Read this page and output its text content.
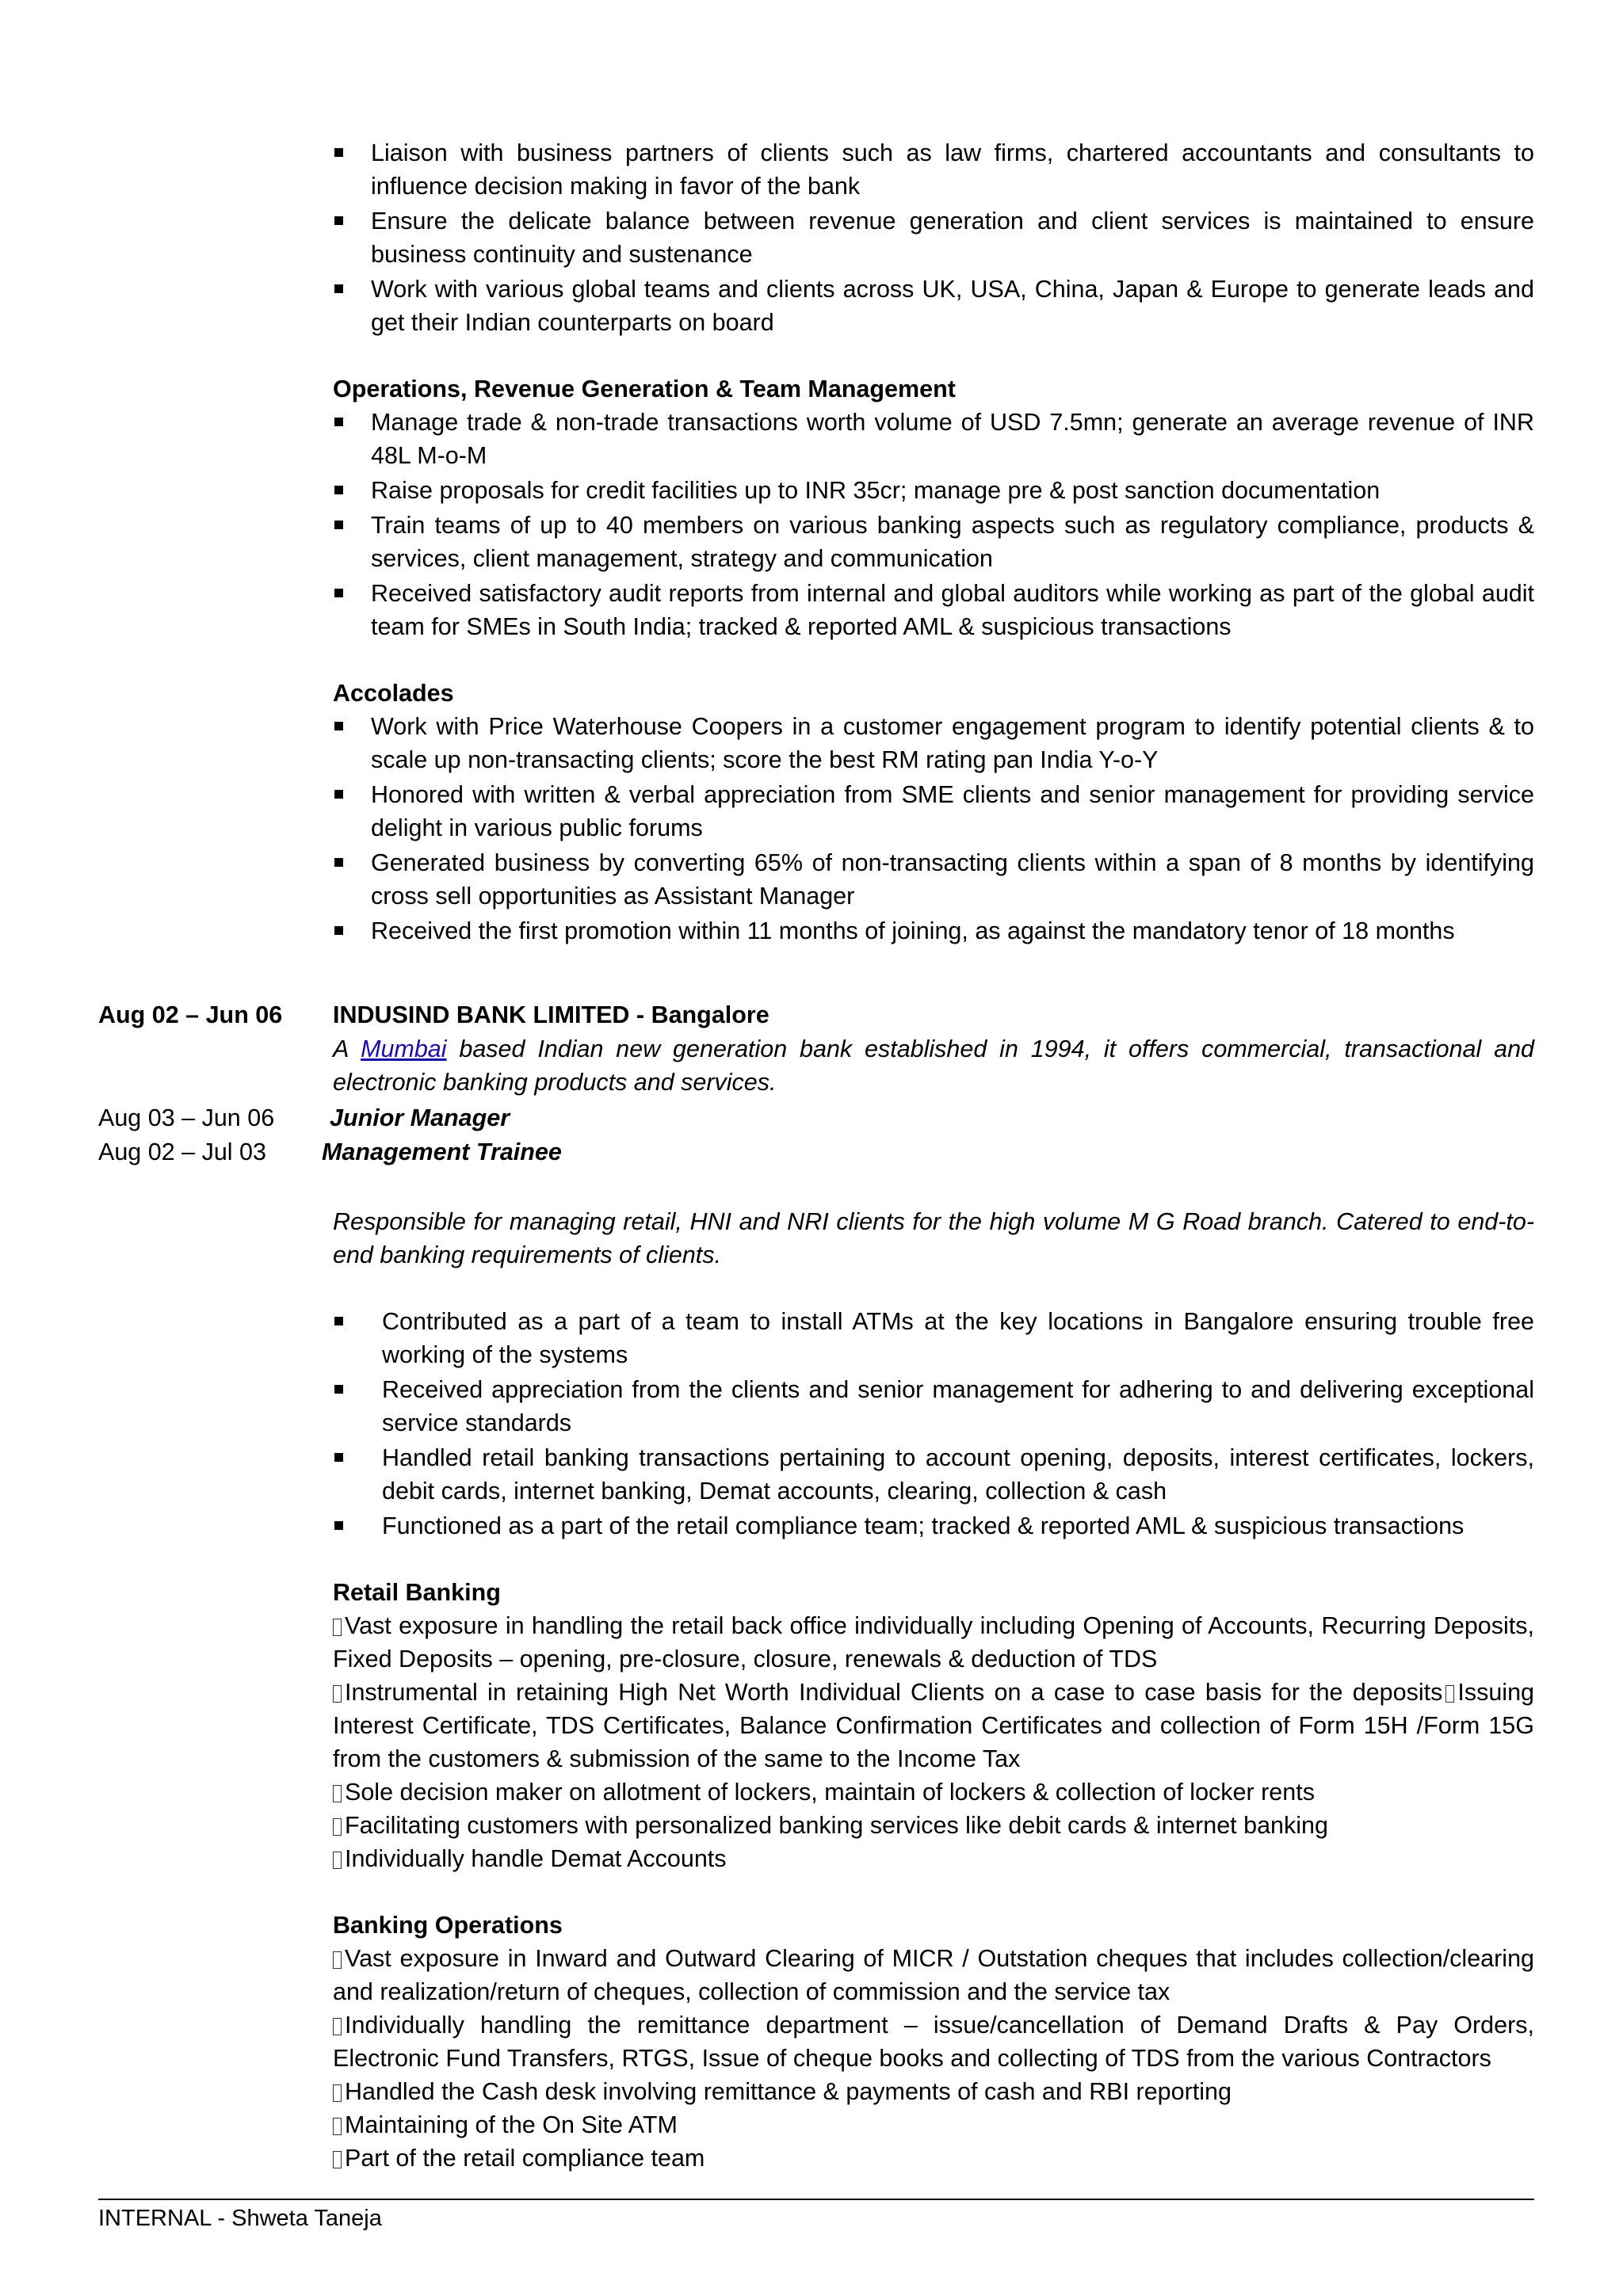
Liaison with business partners of clients such as law firms, chartered accountants and consultants to influence decision making in favor of the bank
Ensure the delicate balance between revenue generation and client services is maintained to ensure business continuity and sustenance
Work with various global teams and clients across UK, USA, China, Japan & Europe to generate leads and get their Indian counterparts on board
Operations, Revenue Generation & Team Management
Manage trade & non-trade transactions worth volume of USD 7.5mn; generate an average revenue of INR 48L M-o-M
Raise proposals for credit facilities up to INR 35cr; manage pre & post sanction documentation
Train teams of up to 40 members on various banking aspects such as regulatory compliance, products & services, client management, strategy and communication
Received satisfactory audit reports from internal and global auditors while working as part of the global audit team for SMEs in South India; tracked & reported AML & suspicious transactions
Accolades
Work with Price Waterhouse Coopers in a customer engagement program to identify potential clients & to scale up non-transacting clients; score the best RM rating pan India Y-o-Y
Honored with written & verbal appreciation from SME clients and senior management for providing service delight in various public forums
Generated business by converting 65% of non-transacting clients within a span of 8 months by identifying cross sell opportunities as Assistant Manager
Received the first promotion within 11 months of joining, as against the mandatory tenor of 18 months
Aug 02 – Jun 06 INDUSIND BANK LIMITED - Bangalore
A Mumbai based Indian new generation bank established in 1994, it offers commercial, transactional and electronic banking products and services.
Aug 03 – Jun 06 Junior Manager
Aug 02 – Jul 03 Management Trainee
Responsible for managing retail, HNI and NRI clients for the high volume M G Road branch. Catered to end-to-end banking requirements of clients.
Contributed as a part of a team to install ATMs at the key locations in Bangalore ensuring trouble free working of the systems
Received appreciation from the clients and senior management for adhering to and delivering exceptional service standards
Handled retail banking transactions pertaining to account opening, deposits, interest certificates, lockers, debit cards, internet banking, Demat accounts, clearing, collection & cash
Functioned as a part of the retail compliance team; tracked & reported AML & suspicious transactions
Retail Banking
Vast exposure in handling the retail back office individually including Opening of Accounts, Recurring Deposits, Fixed Deposits – opening, pre-closure, closure, renewals & deduction of TDS
Instrumental in retaining High Net Worth Individual Clients on a case to case basis for the deposits Issuing Interest Certificate, TDS Certificates, Balance Confirmation Certificates and collection of Form 15H /Form 15G from the customers & submission of the same to the Income Tax
Sole decision maker on allotment of lockers, maintain of lockers & collection of locker rents
Facilitating customers with personalized banking services like debit cards & internet banking
Individually handle Demat Accounts
Banking Operations
Vast exposure in Inward and Outward Clearing of MICR / Outstation cheques that includes collection/clearing and realization/return of cheques, collection of commission and the service tax
Individually handling the remittance department – issue/cancellation of Demand Drafts & Pay Orders, Electronic Fund Transfers, RTGS, Issue of cheque books and collecting of TDS from the various Contractors
Handled the Cash desk involving remittance & payments of cash and RBI reporting
Maintaining of the On Site ATM
Part of the retail compliance team
INTERNAL - Shweta Taneja
